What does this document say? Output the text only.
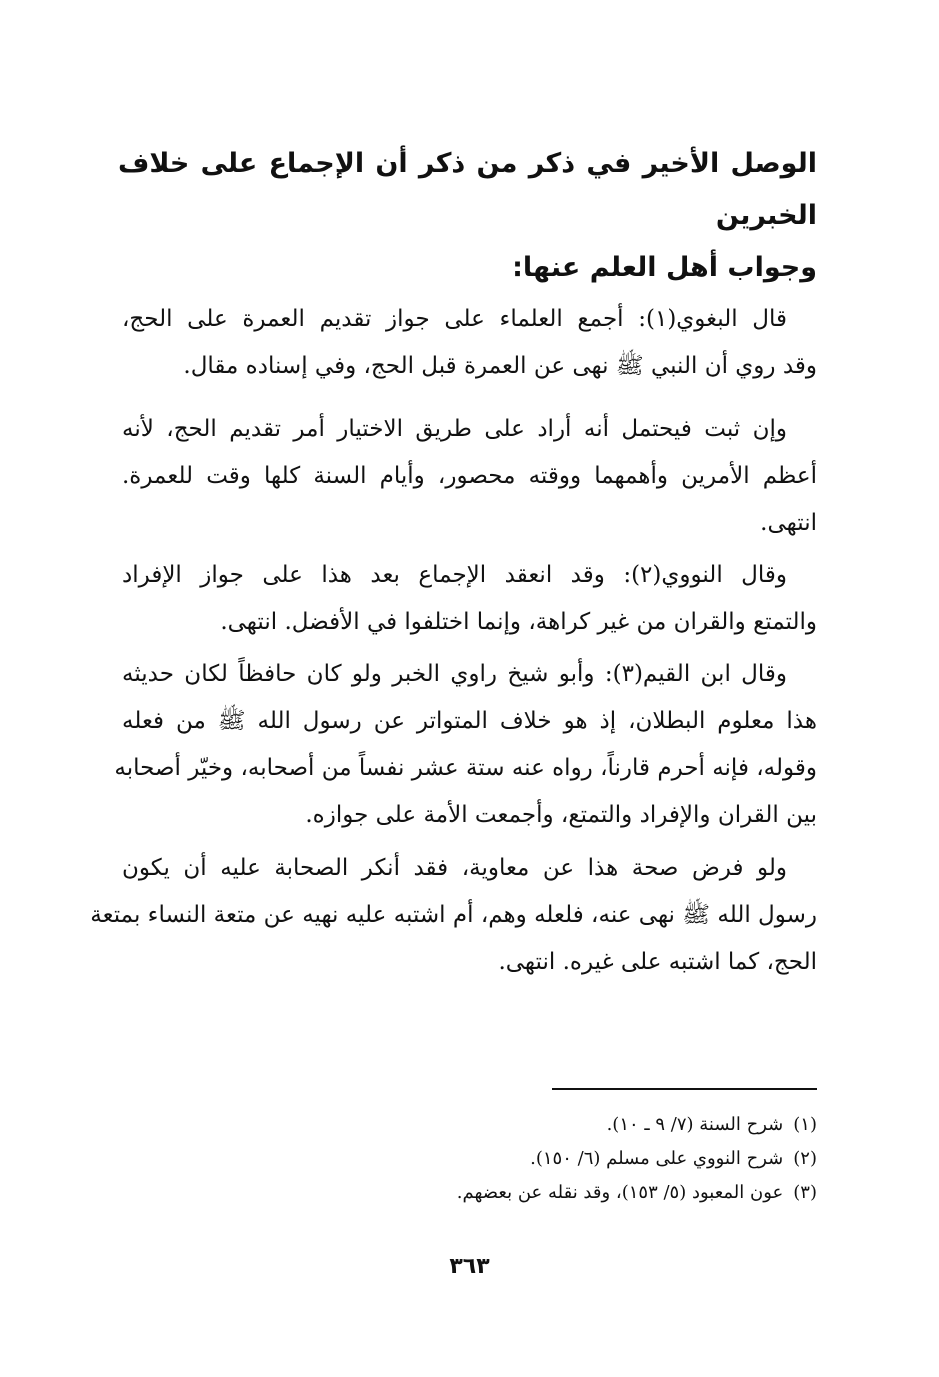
الوصل الأخير في ذكر من ذكر أن الإجماع على خلاف الخبرين
وجواب أهل العلم عنها:

قال البغوي(١): أجمع العلماء على جواز تقديم العمرة على الحج،
وقد روي أن النبي ﷺ نهى عن العمرة قبل الحج، وفي إسناده مقال.

وإن ثبت فيحتمل أنه أراد على طريق الاختيار أمر تقديم الحج، لأنه
أعظم الأمرين وأهمهما ووقته محصور، وأيام السنة كلها وقت للعمرة.
انتهى.

وقال النووي(٢): وقد انعقد الإجماع بعد هذا على جواز الإفراد
والتمتع والقران من غير كراهة، وإنما اختلفوا في الأفضل. انتهى.

وقال ابن القيم(٣): وأبو شيخ راوي الخبر ولو كان حافظاً لكان حديثه
هذا معلوم البطلان، إذ هو خلاف المتواتر عن رسول الله ﷺ من فعله
وقوله، فإنه أحرم قارناً، رواه عنه ستة عشر نفساً من أصحابه، وخيّر أصحابه
بين القران والإفراد والتمتع، وأجمعت الأمة على جوازه.

ولو فرض صحة هذا عن معاوية، فقد أنكر الصحابة عليه أن يكون
رسول الله ﷺ نهى عنه، فلعله وهم، أم اشتبه عليه نهيه عن متعة النساء بمتعة
الحج، كما اشتبه على غيره. انتهى.

(١)شرح السنة (٧/ ٩ ـ ١٠).
(٢)شرح النووي على مسلم (٦/ ١٥٠).
(٣)عون المعبود (٥/ ١٥٣)، وقد نقله عن بعضهم.
٣٦٣
